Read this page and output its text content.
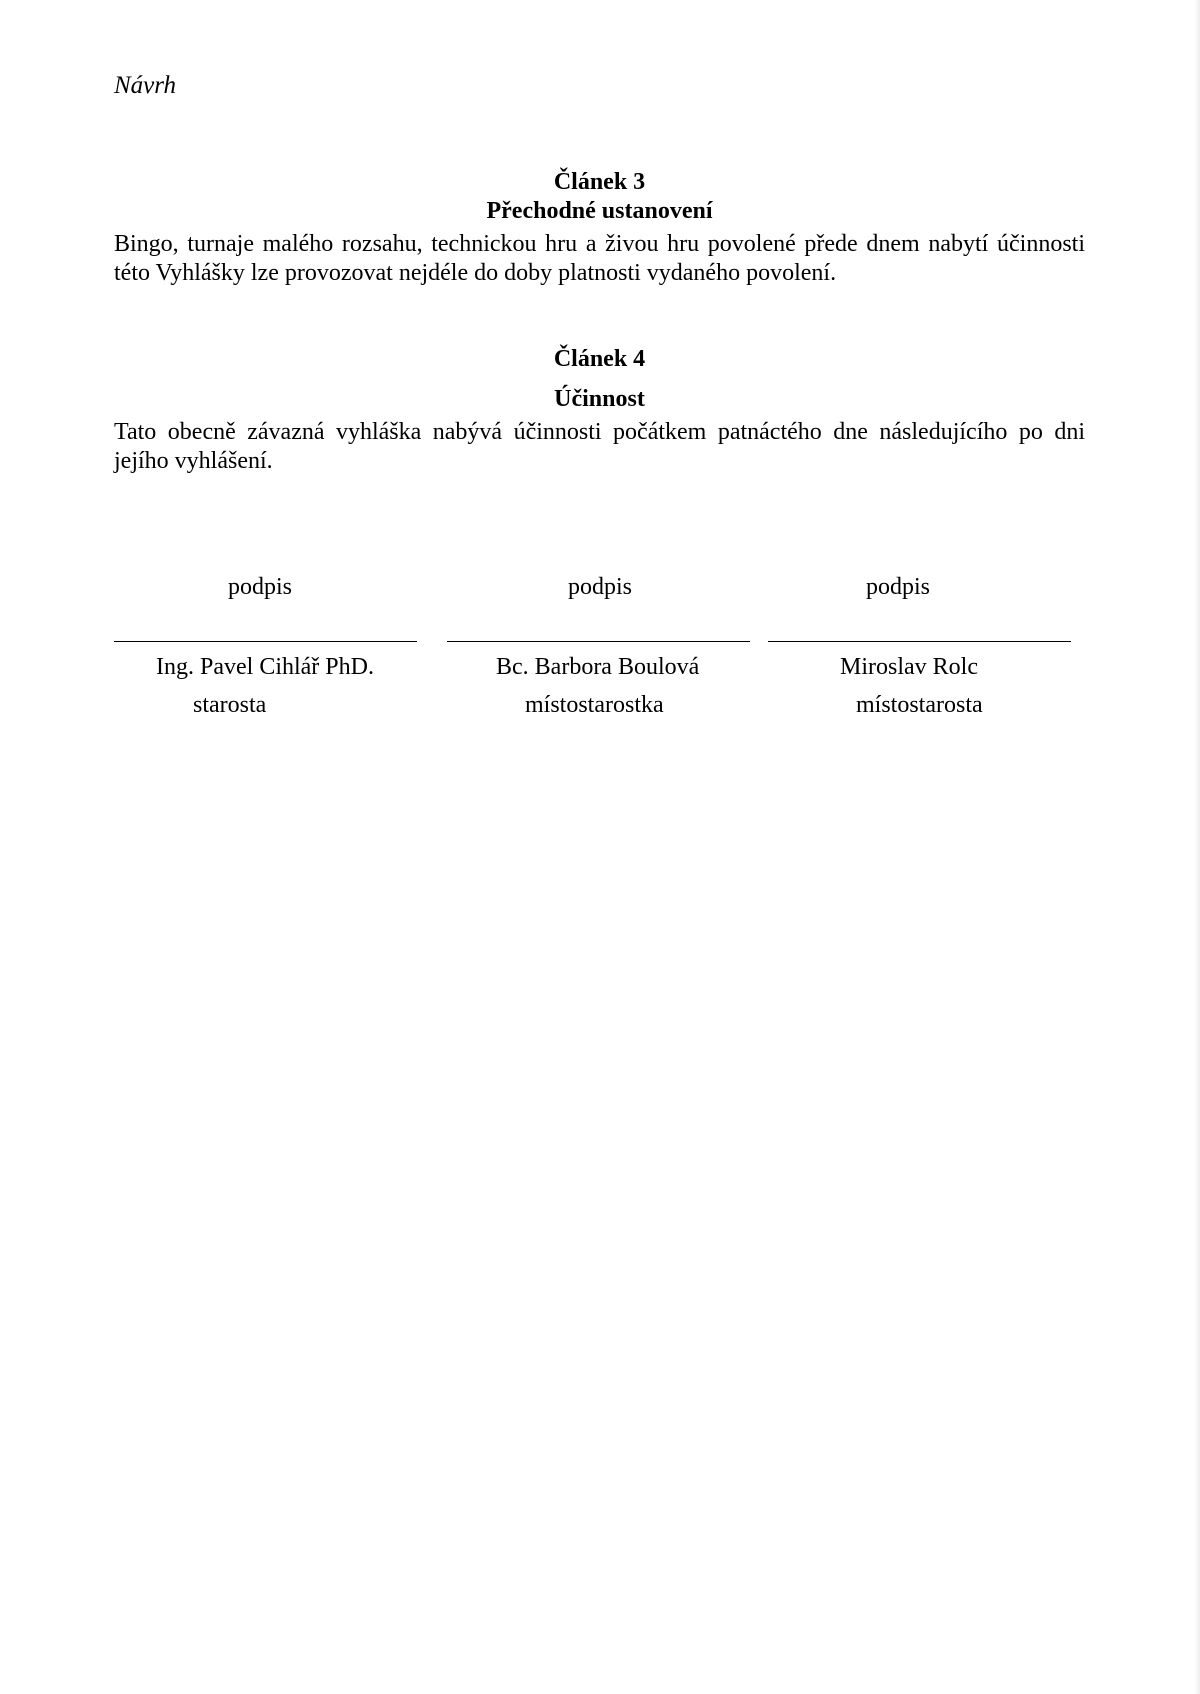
Návrh

Článek 3
Přechodné ustanovení

Bingo, turnaje malého rozsahu, technickou hru a živou hru povolené přede dnem nabytí účinnosti této Vyhlášky lze provozovat nejdéle do doby platnosti vydaného povolení.

Článek 4
Účinnost

Tato obecně závazná vyhláška nabývá účinnosti počátkem patnáctého dne následujícího po dni jejího vyhlášení.

podpis

Ing. Pavel Cihlář PhD.

starosta

podpis

Bc. Barbora Boulová

místostarostka

podpis

Miroslav Rolc

místostarosta
